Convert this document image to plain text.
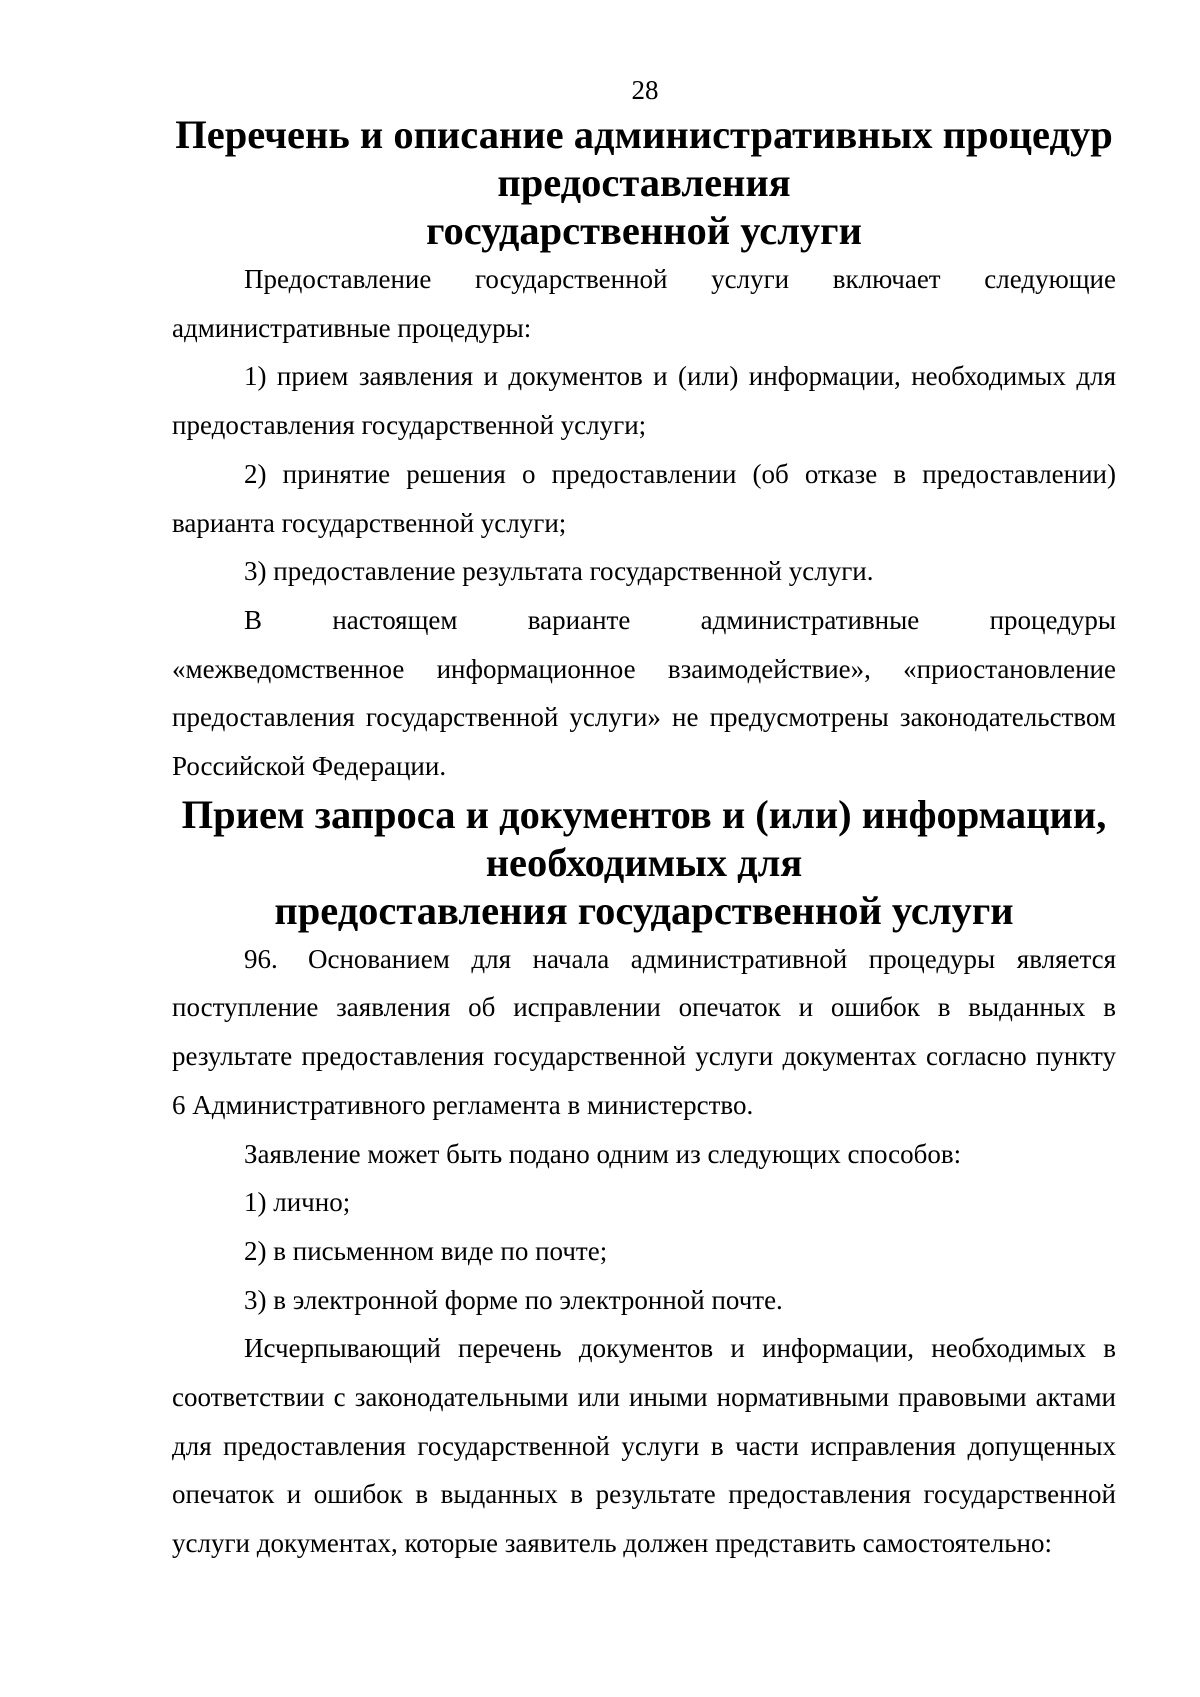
28
Перечень и описание административных процедур предоставления
государственной услуги

Предоставление государственной услуги включает следующие административные процедуры:

1) прием заявления и документов и (или) информации, необходимых для предоставления государственной услуги;

2) принятие решения о предоставлении (об отказе в предоставлении) варианта государственной услуги;

3) предоставление результата государственной услуги.

В настоящем варианте административные процедуры

«межведомственное информационное взаимодействие», «приостановление предоставления государственной услуги» не предусмотрены законодательством Российской Федерации.

Прием запроса и документов и (или) информации, необходимых для
предоставления государственной услуги

96. Основанием для начала административной процедуры является поступление заявления об исправлении опечаток и ошибок в выданных в результате предоставления государственной услуги документах согласно пункту 6 Административного регламента в министерство.

Заявление может быть подано одним из следующих способов:

1) лично;

2) в письменном виде по почте;

3) в электронной форме по электронной почте.

Исчерпывающий перечень документов и информации, необходимых в соответствии с законодательными или иными нормативными правовыми актами для предоставления государственной услуги в части исправления допущенных опечаток и ошибок в выданных в результате предоставления государственной услуги документах, которые заявитель должен представить самостоятельно:
